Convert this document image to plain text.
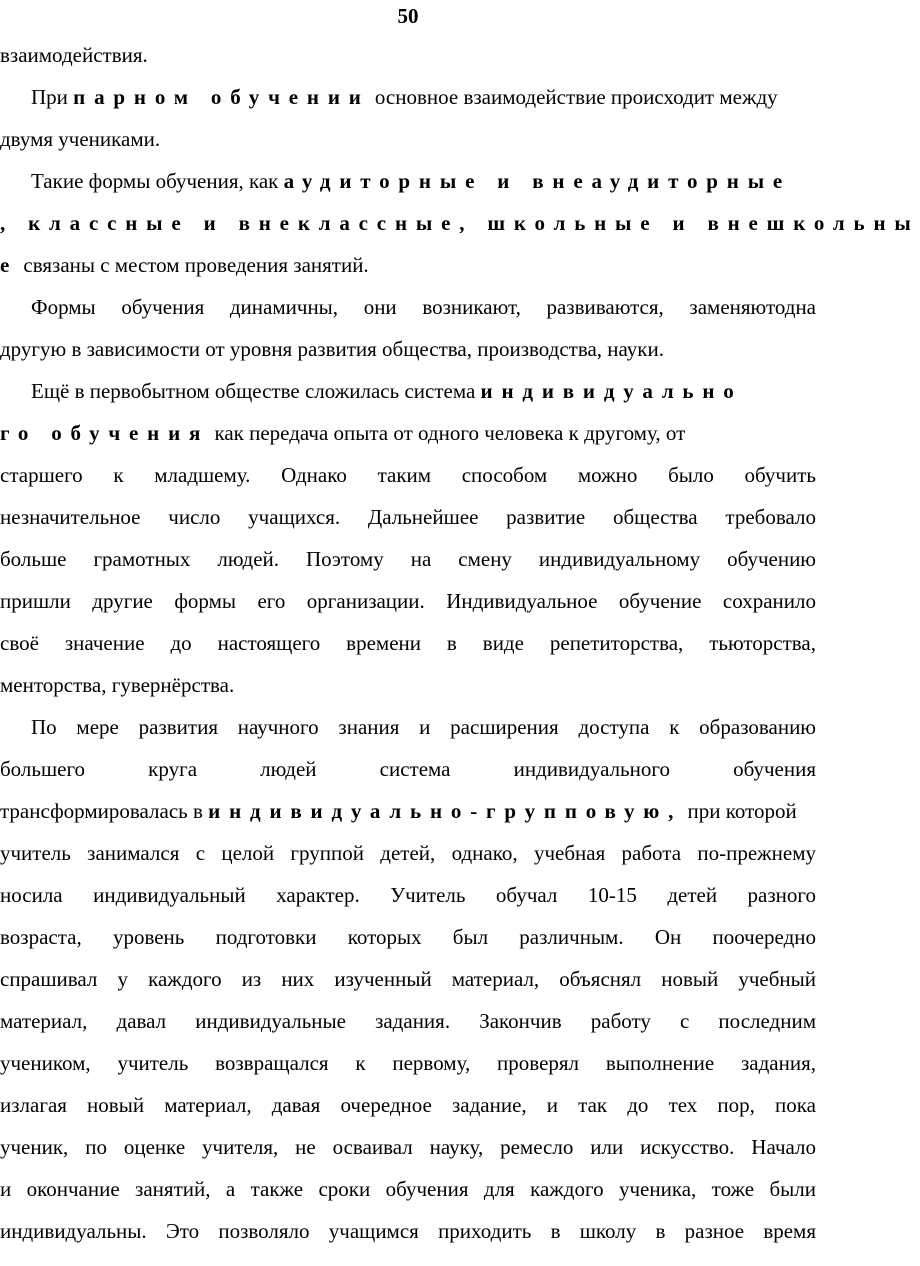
50
взаимодействия.
При парном обучении основное взаимодействие происходит между
двумя учениками.
Такие формы обучения, как аудиторные и внеаудиторные
, классные и внеклассные, школьные и внешкольны
е связаны с местом проведения занятий.
Формы обучения динамичны, они возникают, развиваются, заменяютодна
другую в зависимости от уровня развития общества, производства, науки.
Ещё в первобытном обществе сложилась система индивидуально
го обучения как передача опыта от одного человека к другому, от
старшего к младшему. Однако таким способом можно было обучить
незначительное число учащихся. Дальнейшее развитие общества требовало
больше грамотных людей. Поэтому на смену индивидуальному обучению
пришли другие формы его организации. Индивидуальное обучение сохранило
своё значение до настоящего времени в виде репетиторства, тьюторства,
менторства, гувернёрства.
По мере развития научного знания и расширения доступа к образованию
большего круга людей система индивидуального обучения
трансформировалась в индивидуально-групповую, при которой
учитель занимался с целой группой детей, однако, учебная работа по-прежнему
носила индивидуальный характер. Учитель обучал 10-15 детей разного
возраста, уровень подготовки которых был различным. Он поочередно
спрашивал у каждого из них изученный материал, объяснял новый учебный
материал, давал индивидуальные задания. Закончив работу с последним
учеником, учитель возвращался к первому, проверял выполнение задания,
излагая новый материал, давая очередное задание, и так до тех пор, пока
ученик, по оценке учителя, не осваивал науку, ремесло или искусство. Начало
и окончание занятий, а также сроки обучения для каждого ученика, тоже были
индивидуальны. Это позволяло учащимся приходить в школу в разное время
